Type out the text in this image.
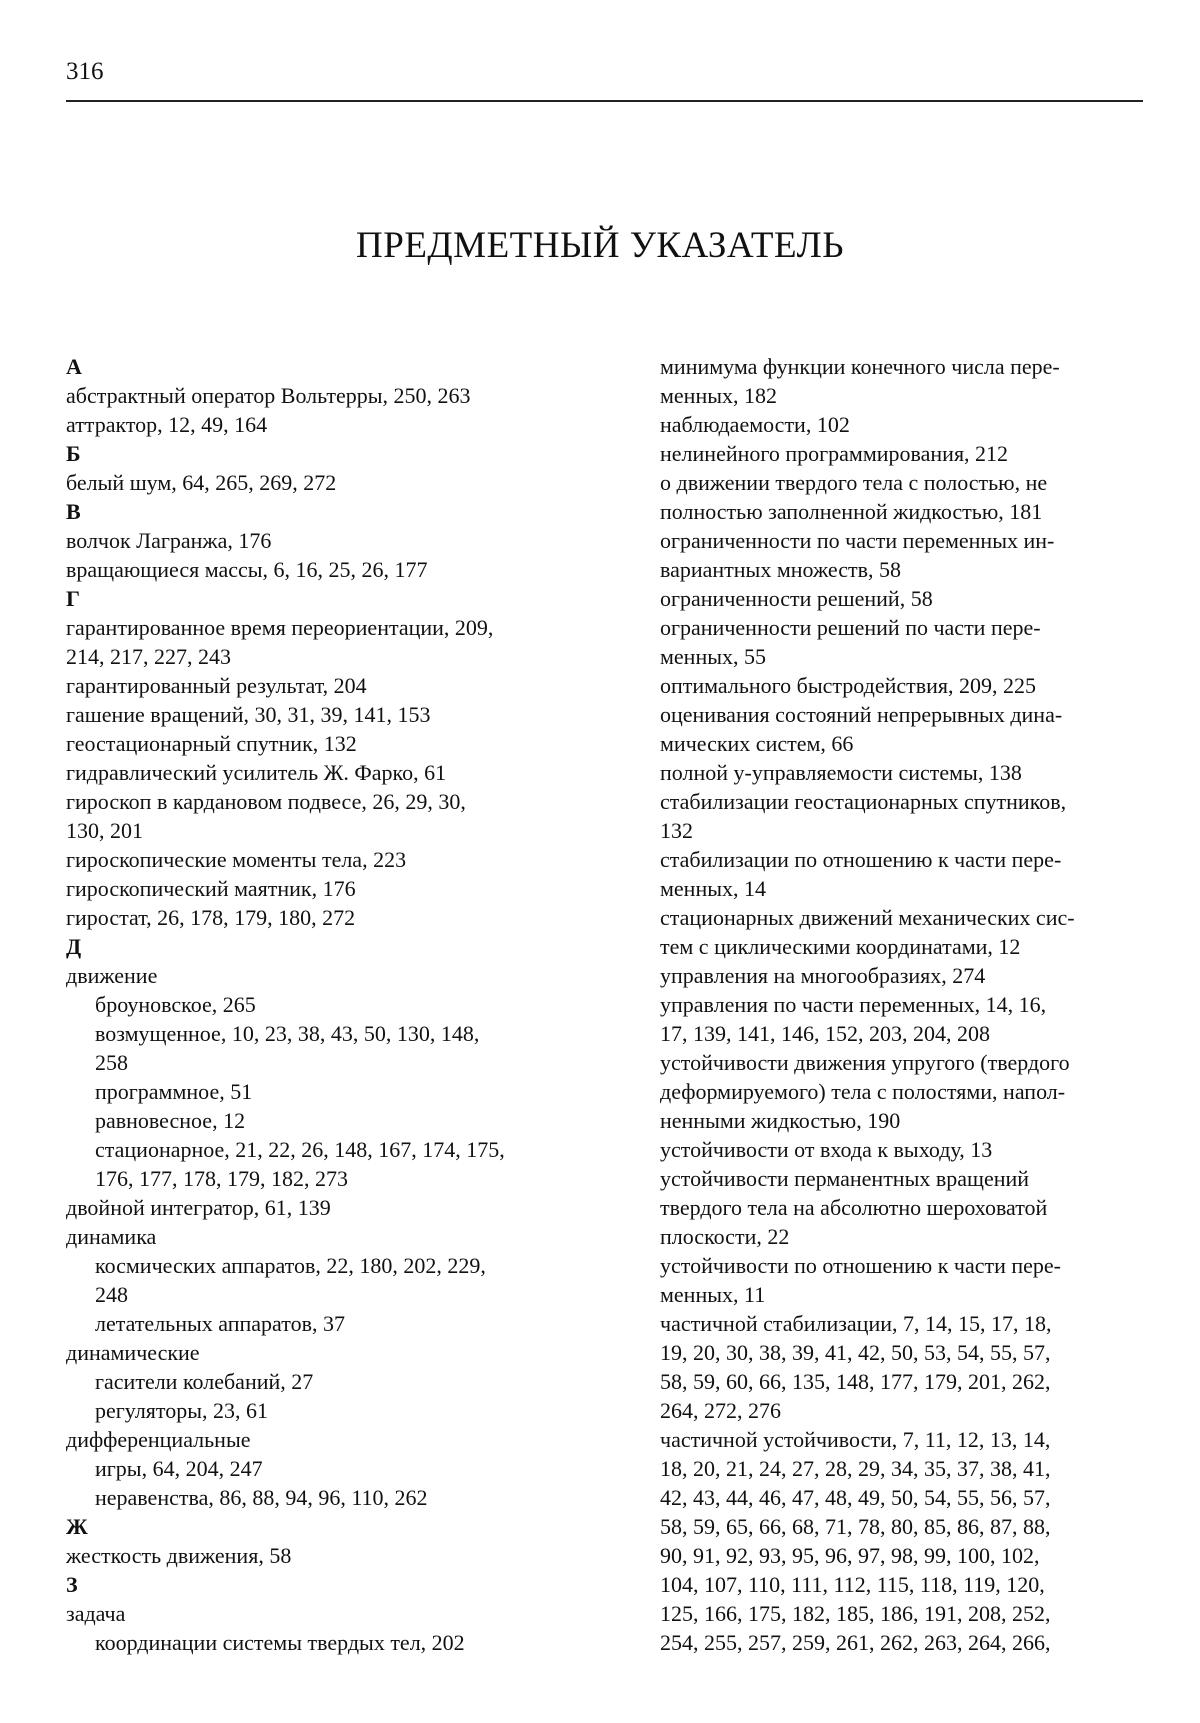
316
ПРЕДМЕТНЫЙ УКАЗАТЕЛЬ
А
абстрактный оператор Вольтерры, 250, 263
аттрактор, 12, 49, 164
Б
белый шум, 64, 265, 269, 272
В
волчок Лагранжа, 176
вращающиеся массы, 6, 16, 25, 26, 177
Г
гарантированное время переориентации, 209,
214, 217, 227, 243
гарантированный результат, 204
гашение вращений, 30, 31, 39, 141, 153
геостационарный спутник, 132
гидравлический усилитель Ж. Фарко, 61
гироскоп в кардановом подвесе, 26, 29, 30,
130, 201
гироскопические моменты тела, 223
гироскопический маятник, 176
гиростат, 26, 178, 179, 180, 272
Д
движение
броуновское, 265
возмущенное, 10, 23, 38, 43, 50, 130, 148,
258
программное, 51
равновесное, 12
стационарное, 21, 22, 26, 148, 167, 174, 175,
176, 177, 178, 179, 182, 273
двойной интегратор, 61, 139
динамика
космических аппаратов, 22, 180, 202, 229,
248
летательных аппаратов, 37
динамические
гасители колебаний, 27
регуляторы, 23, 61
дифференциальные
игры, 64, 204, 247
неравенства, 86, 88, 94, 96, 110, 262
Ж
жесткость движения, 58
З
задача
координации системы твердых тел, 202
минимума функции конечного числа пере-
менных, 182
наблюдаемости, 102
нелинейного программирования, 212
о движении твердого тела с полостью, не
полностью заполненной жидкостью, 181
ограниченности по части переменных ин-
вариантных множеств, 58
ограниченности решений, 58
ограниченности решений по части пере-
менных, 55
оптимального быстродействия, 209, 225
оценивания состояний непрерывных дина-
мических систем, 66
полной y-управляемости системы, 138
стабилизации геостационарных спутников,
132
стабилизации по отношению к части пере-
менных, 14
стационарных движений механических сис-
тем с циклическими координатами, 12
управления на многообразиях, 274
управления по части переменных, 14, 16,
17, 139, 141, 146, 152, 203, 204, 208
устойчивости движения упругого (твердого
деформируемого) тела с полостями, напол-
ненными жидкостью, 190
устойчивости от входа к выходу, 13
устойчивости перманентных вращений
твердого тела на абсолютно шероховатой
плоскости, 22
устойчивости по отношению к части пере-
менных, 11
частичной стабилизации, 7, 14, 15, 17, 18,
19, 20, 30, 38, 39, 41, 42, 50, 53, 54, 55, 57,
58, 59, 60, 66, 135, 148, 177, 179, 201, 262,
264, 272, 276
частичной устойчивости, 7, 11, 12, 13, 14,
18, 20, 21, 24, 27, 28, 29, 34, 35, 37, 38, 41,
42, 43, 44, 46, 47, 48, 49, 50, 54, 55, 56, 57,
58, 59, 65, 66, 68, 71, 78, 80, 85, 86, 87, 88,
90, 91, 92, 93, 95, 96, 97, 98, 99, 100, 102,
104, 107, 110, 111, 112, 115, 118, 119, 120,
125, 166, 175, 182, 185, 186, 191, 208, 252,
254, 255, 257, 259, 261, 262, 263, 264, 266,
